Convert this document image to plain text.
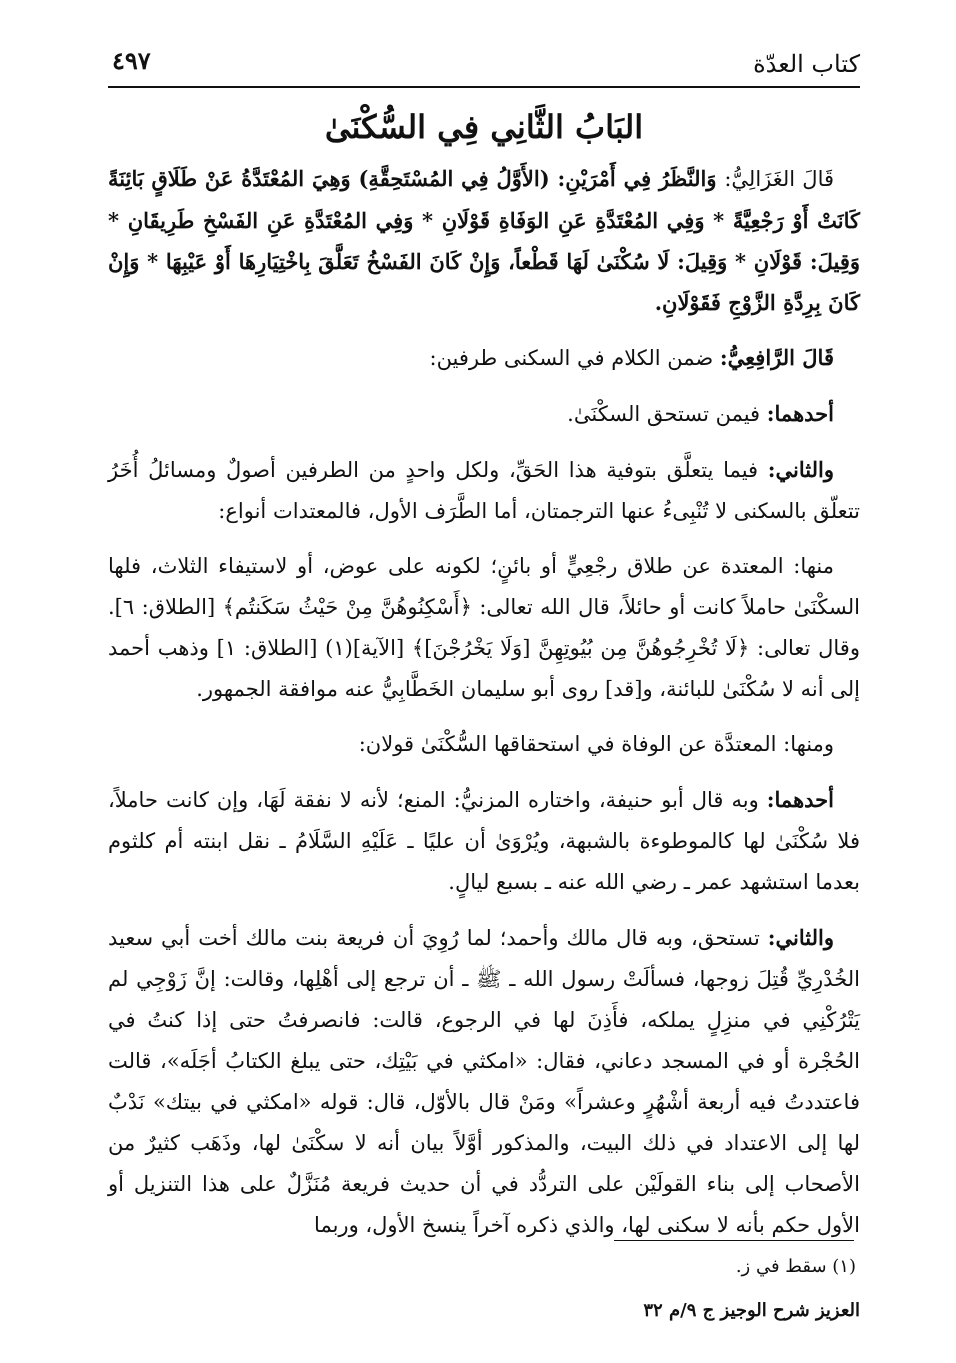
كتاب العدّة
٤٩٧
البَابُ الثَّانِي فِي السُّكْنَىٰ

قَالَ الغَزَالِيُّ: وَالنَّظَرُ فِي أَمْرَيْنِ: (الأَوَّلُ فِي المُسْتَحِقَّةِ) وَهِيَ المُعْتَدَّةُ عَنْ طَلَاقٍ بَائِنَةً كَانَتْ أَوْ رَجْعِيَّةً * وَفِي المُعْتَدَّةِ عَنِ الوَفَاةِ قَوْلَانِ * وَفِي المُعْتَدَّةِ عَنِ الفَسْخِ طَرِيقَانِ * وَقِيلَ: قَوْلَانِ * وَقِيلَ: لَا سُكْنَىٰ لَهَا قَطْعاً، وَإِنْ كَانَ الفَسْخُ تَعَلَّقَ بِاخْتِيَارِهَا أَوْ عَيْبِهَا * وَإِنْ كَانَ بِرِدَّةِ الزَّوْجِ فَقَوْلَانِ.

قَالَ الرَّافِعِيُّ: ضمن الكلام في السكنى طرفين:

أحدهما: فيمن تستحق السكْنَىٰ.

والثاني: فيما يتعلَّق بتوفية هذا الحَقِّ، ولكل واحدٍ من الطرفين أصولٌ ومسائلُ أُخَرُ تتعلّق بالسكنى لا تُنْبِىءُ عنها الترجمتان، أما الطَّرَف الأول، فالمعتدات أنواع:

منها: المعتدة عن طلاق رجْعِيٍّ أو بائنٍ؛ لكونه على عوض، أو لاستيفاء الثلاث، فلها السكْنَىٰ حاملاً كانت أو حائلاً، قال الله تعالى: ﴿أَسْكِنُوهُنَّ مِنْ حَيْثُ سَكَنتُم﴾ [الطلاق: ٦]. وقال تعالى: ﴿لَا تُخْرِجُوهُنَّ مِن بُيُوتِهِنَّ [وَلَا يَخْرُجْنَ]﴾ [الآية](١) [الطلاق: ١] وذهب أحمد إلى أنه لا سُكْنَىٰ للبائنة، و[قد] روى أبو سليمان الخَطَّابِيُّ عنه موافقة الجمهور.

ومنها: المعتدَّة عن الوفاة في استحقاقها السُّكْنَىٰ قولان:

أحدهما: وبه قال أبو حنيفة، واختاره المزنيُّ: المنع؛ لأنه لا نفقة لَهَا، وإن كانت حاملاً، فلا سُكْنَىٰ لها كالموطوءة بالشبهة، ويُرْوَىٰ أن عليًا ـ عَلَيْهِ السَّلَامُ ـ نقل ابنته أم كلثوم بعدما استشهد عمر ـ رضي الله عنه ـ بسبع ليالٍ.

والثاني: تستحق، وبه قال مالك وأحمد؛ لما رُوِيَ أن فريعة بنت مالك أخت أبي سعيد الخُدْرِيِّ قُتِلَ زوجها، فسألَتْ رسول الله ـ ﷺ ـ أن ترجع إلى أهْلِها، وقالت: إنَّ زَوْجِي لم يَتْرُكْنِي في منزِلٍ يملكه، فأَذِنَ لها في الرجوع، قالت: فانصرفتُ حتى إذا كنتُ في الحُجْرة أو في المسجد دعاني، فقال: «امكثي في بَيْتِك، حتى يبلغ الكتابُ أجَلَه»، قالت فاعتددتُ فيه أربعة أشْهُرٍ وعشراً» ومَنْ قال بالأوّل، قال: قوله «امكثي في بيتك» نَدْبٌ لها إلى الاعتداد في ذلك البيت، والمذكور أوَّلاً بيان أنه لا سكْنَىٰ لها، وذَهَب كثيرٌ من الأصحاب إلى بناء القولَيْن على التردُّد في أن حديث فريعة مُنَزَّلٌ على هذا التنزيل أو الأول حكم بأنه لا سكنى لها، والذي ذكره آخراً ينسخ الأول، وربما

(١) سقط في ز.
العزيز شرح الوجيز ج ٩/م ٣٢
